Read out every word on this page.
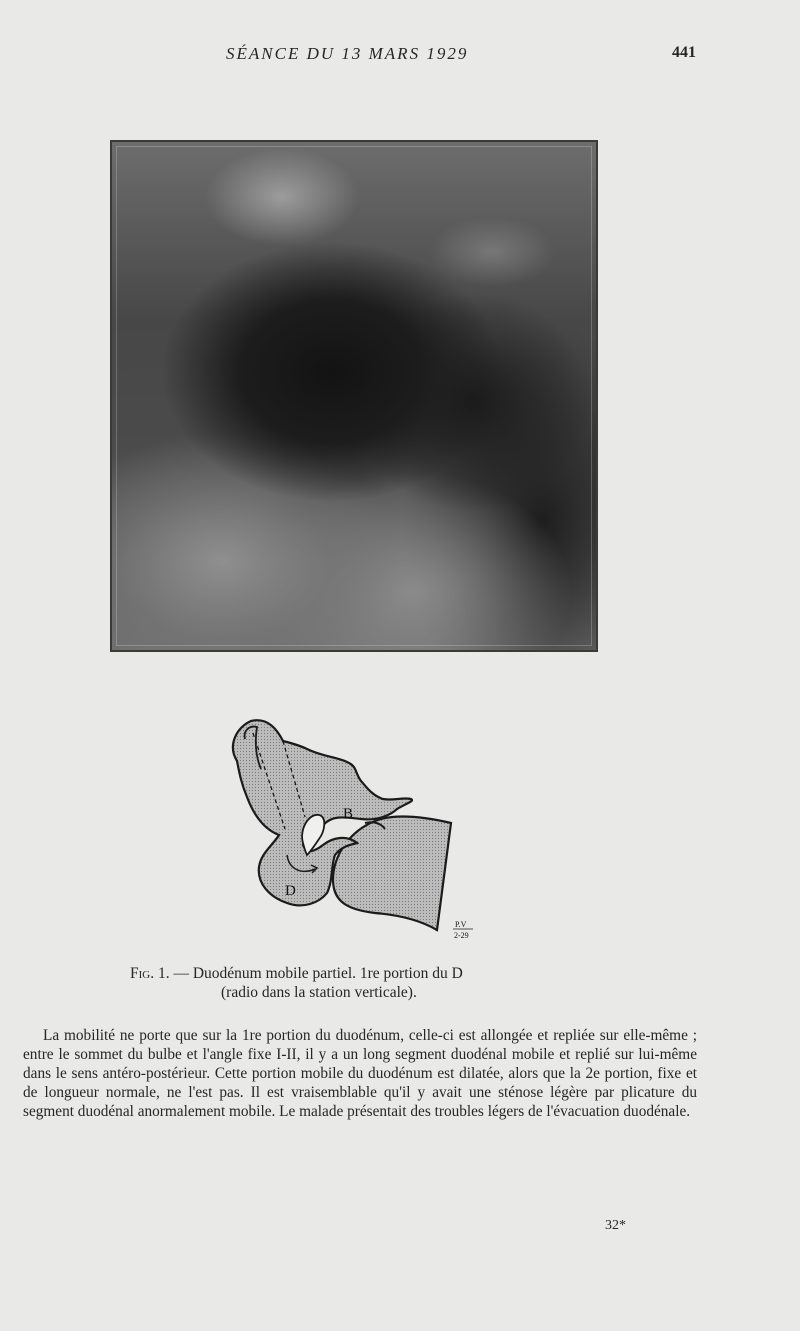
SÉANCE DU 13 MARS 1929	441
B
D
P.V
2-29
Fig. 1. — Duodénum mobile partiel. 1re portion du D
(radio dans la station verticale).

La mobilité ne porte que sur la 1re portion du duodénum, celle-ci est allongée et repliée sur elle-même ; entre le sommet du bulbe et l'angle fixe I-II, il y a un long segment duodénal mobile et replié sur lui-même dans le sens antéro-postérieur. Cette portion mobile du duodénum est dilatée, alors que la 2e portion, fixe et de longueur normale, ne l'est pas. Il est vraisemblable qu'il y avait une sténose légère par plicature du segment duodénal anormalement mobile. Le malade présentait des troubles légers de l'évacuation duodénale.

32*
